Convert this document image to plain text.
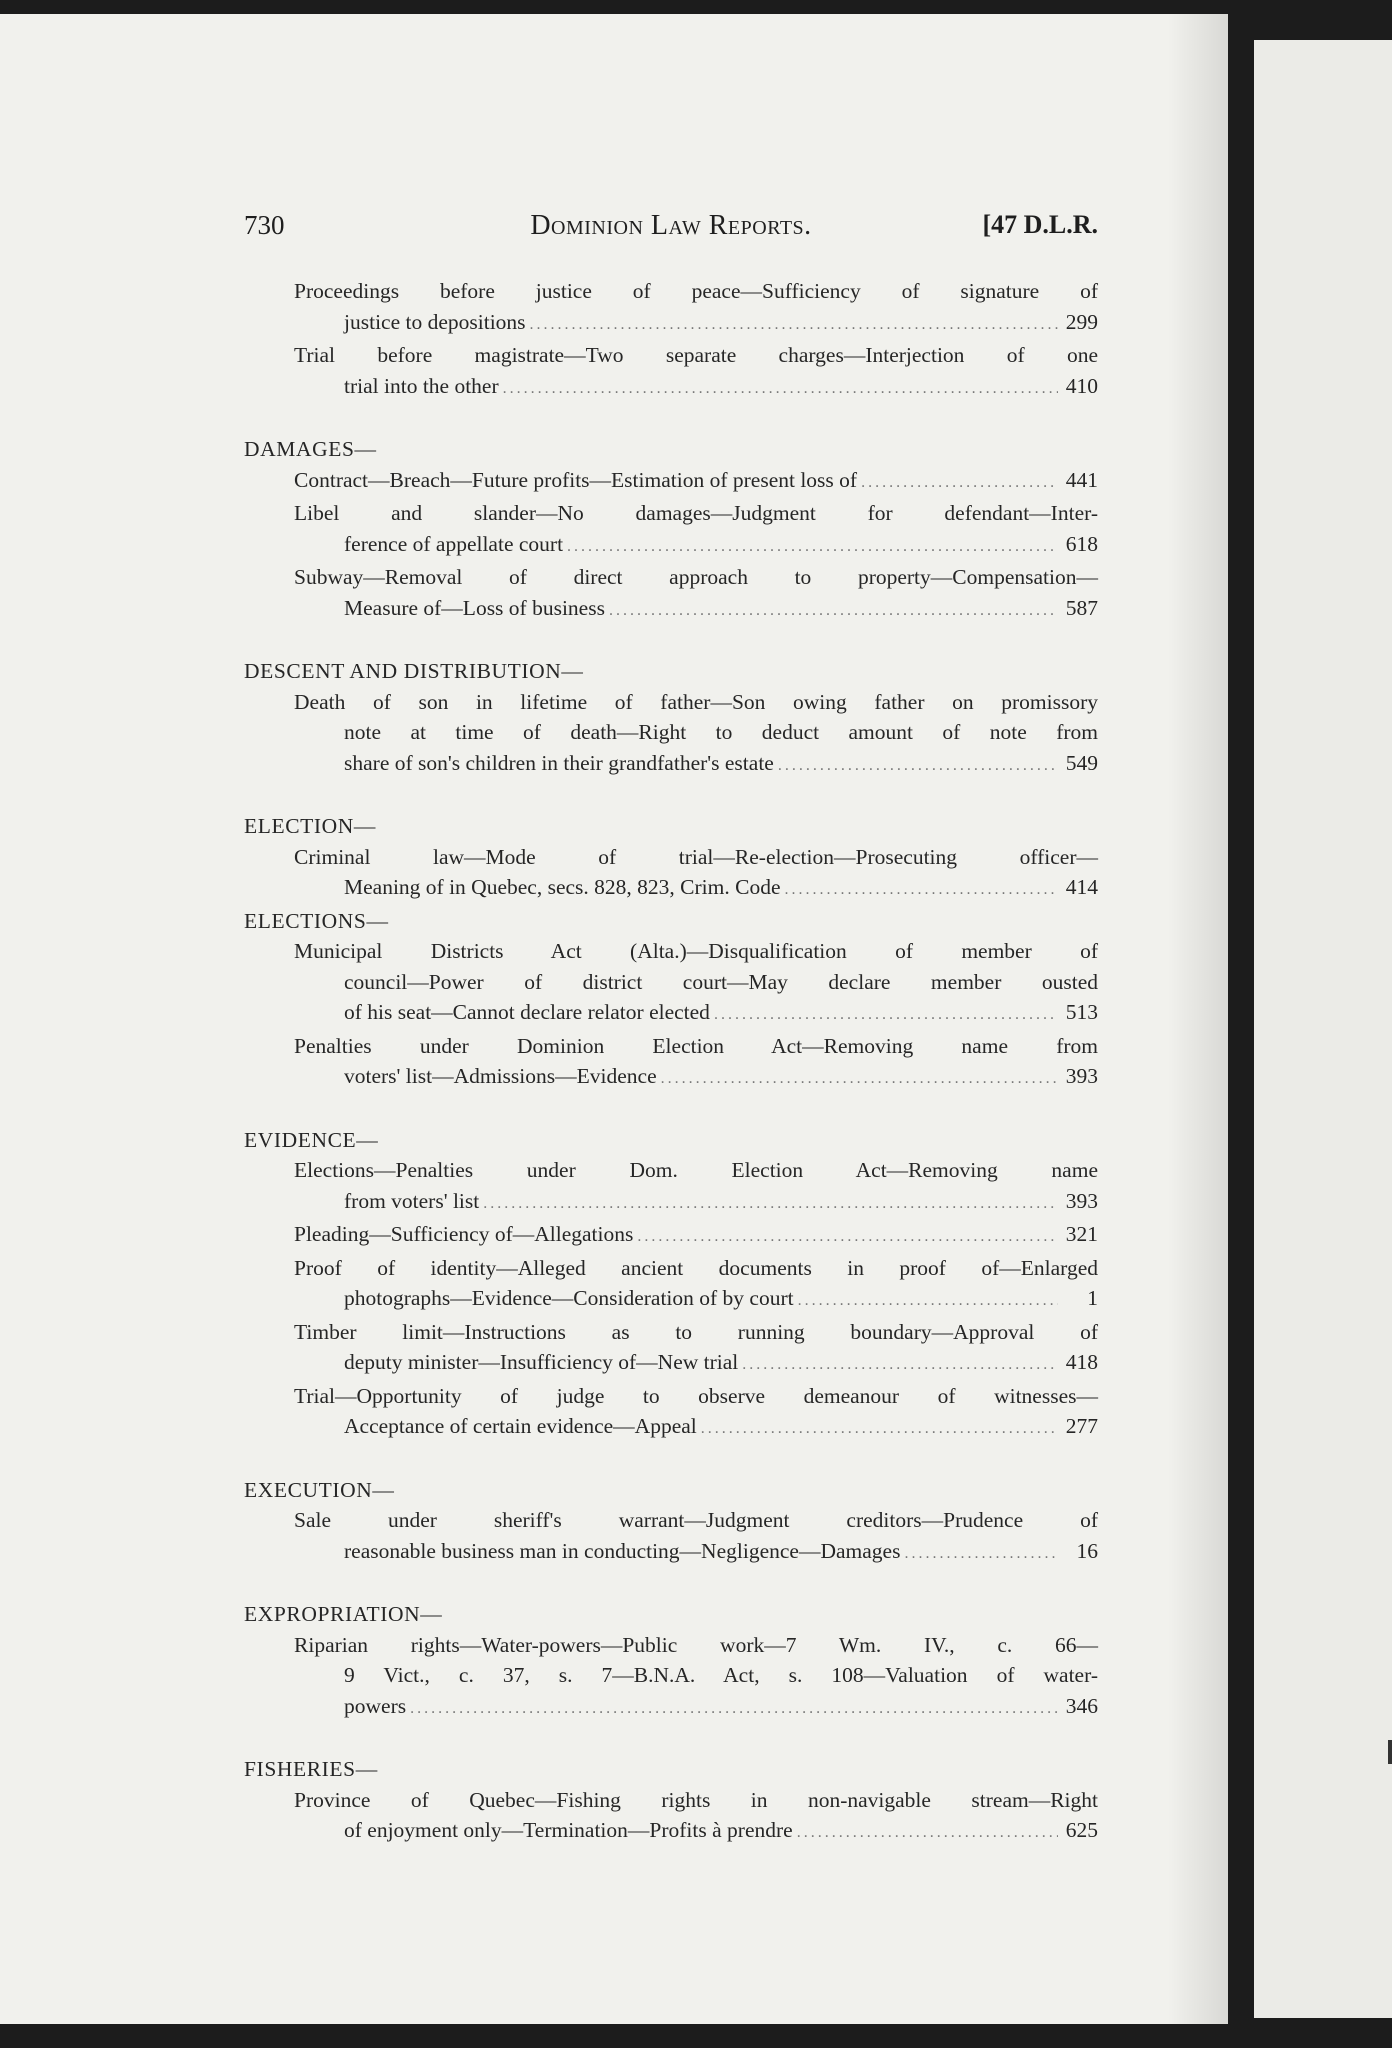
730	Dominion Law Reports.	[47 D.L.R.
Proceedings before justice of peace—Sufficiency of signature of
justice to depositions .....	299
Trial before magistrate—Two separate charges—Interjection of one
trial into the other .....	410
DAMAGES—
Contract—Breach—Future profits—Estimation of present loss of .....	441
Libel and slander—No damages—Judgment for defendant—Inter-
ference of appellate court .....	618
Subway—Removal of direct approach to property—Compensation—
Measure of—Loss of business .....	587
DESCENT AND DISTRIBUTION—
Death of son in lifetime of father—Son owing father on promissory
note at time of death—Right to deduct amount of note from
share of son's children in their grandfather's estate .....	549
ELECTION—
Criminal law—Mode of trial—Re-election—Prosecuting officer—
Meaning of in Quebec, secs. 828, 823, Crim. Code .....	414
ELECTIONS—
Municipal Districts Act (Alta.)—Disqualification of member of
council—Power of district court—May declare member ousted
of his seat—Cannot declare relator elected .....	513
Penalties under Dominion Election Act—Removing name from
voters' list—Admissions—Evidence .....	393
EVIDENCE—
Elections—Penalties under Dom. Election Act—Removing name
from voters' list .....	393
Pleading—Sufficiency of—Allegations .....	321
Proof of identity—Alleged ancient documents in proof of—Enlarged
photographs—Evidence—Consideration of by court .....	1
Timber limit—Instructions as to running boundary—Approval of
deputy minister—Insufficiency of—New trial .....	418
Trial—Opportunity of judge to observe demeanour of witnesses—
Acceptance of certain evidence—Appeal .....	277
EXECUTION—
Sale under sheriff's warrant—Judgment creditors—Prudence of
reasonable business man in conducting—Negligence—Damages .....	16
EXPROPRIATION—
Riparian rights—Water-powers—Public work—7 Wm. IV., c. 66—
9 Vict., c. 37, s. 7—B.N.A. Act, s. 108—Valuation of water-
powers .....	346
FISHERIES—
Province of Quebec—Fishing rights in non-navigable stream—Right
of enjoyment only—Termination—Profits à prendre .....	625
